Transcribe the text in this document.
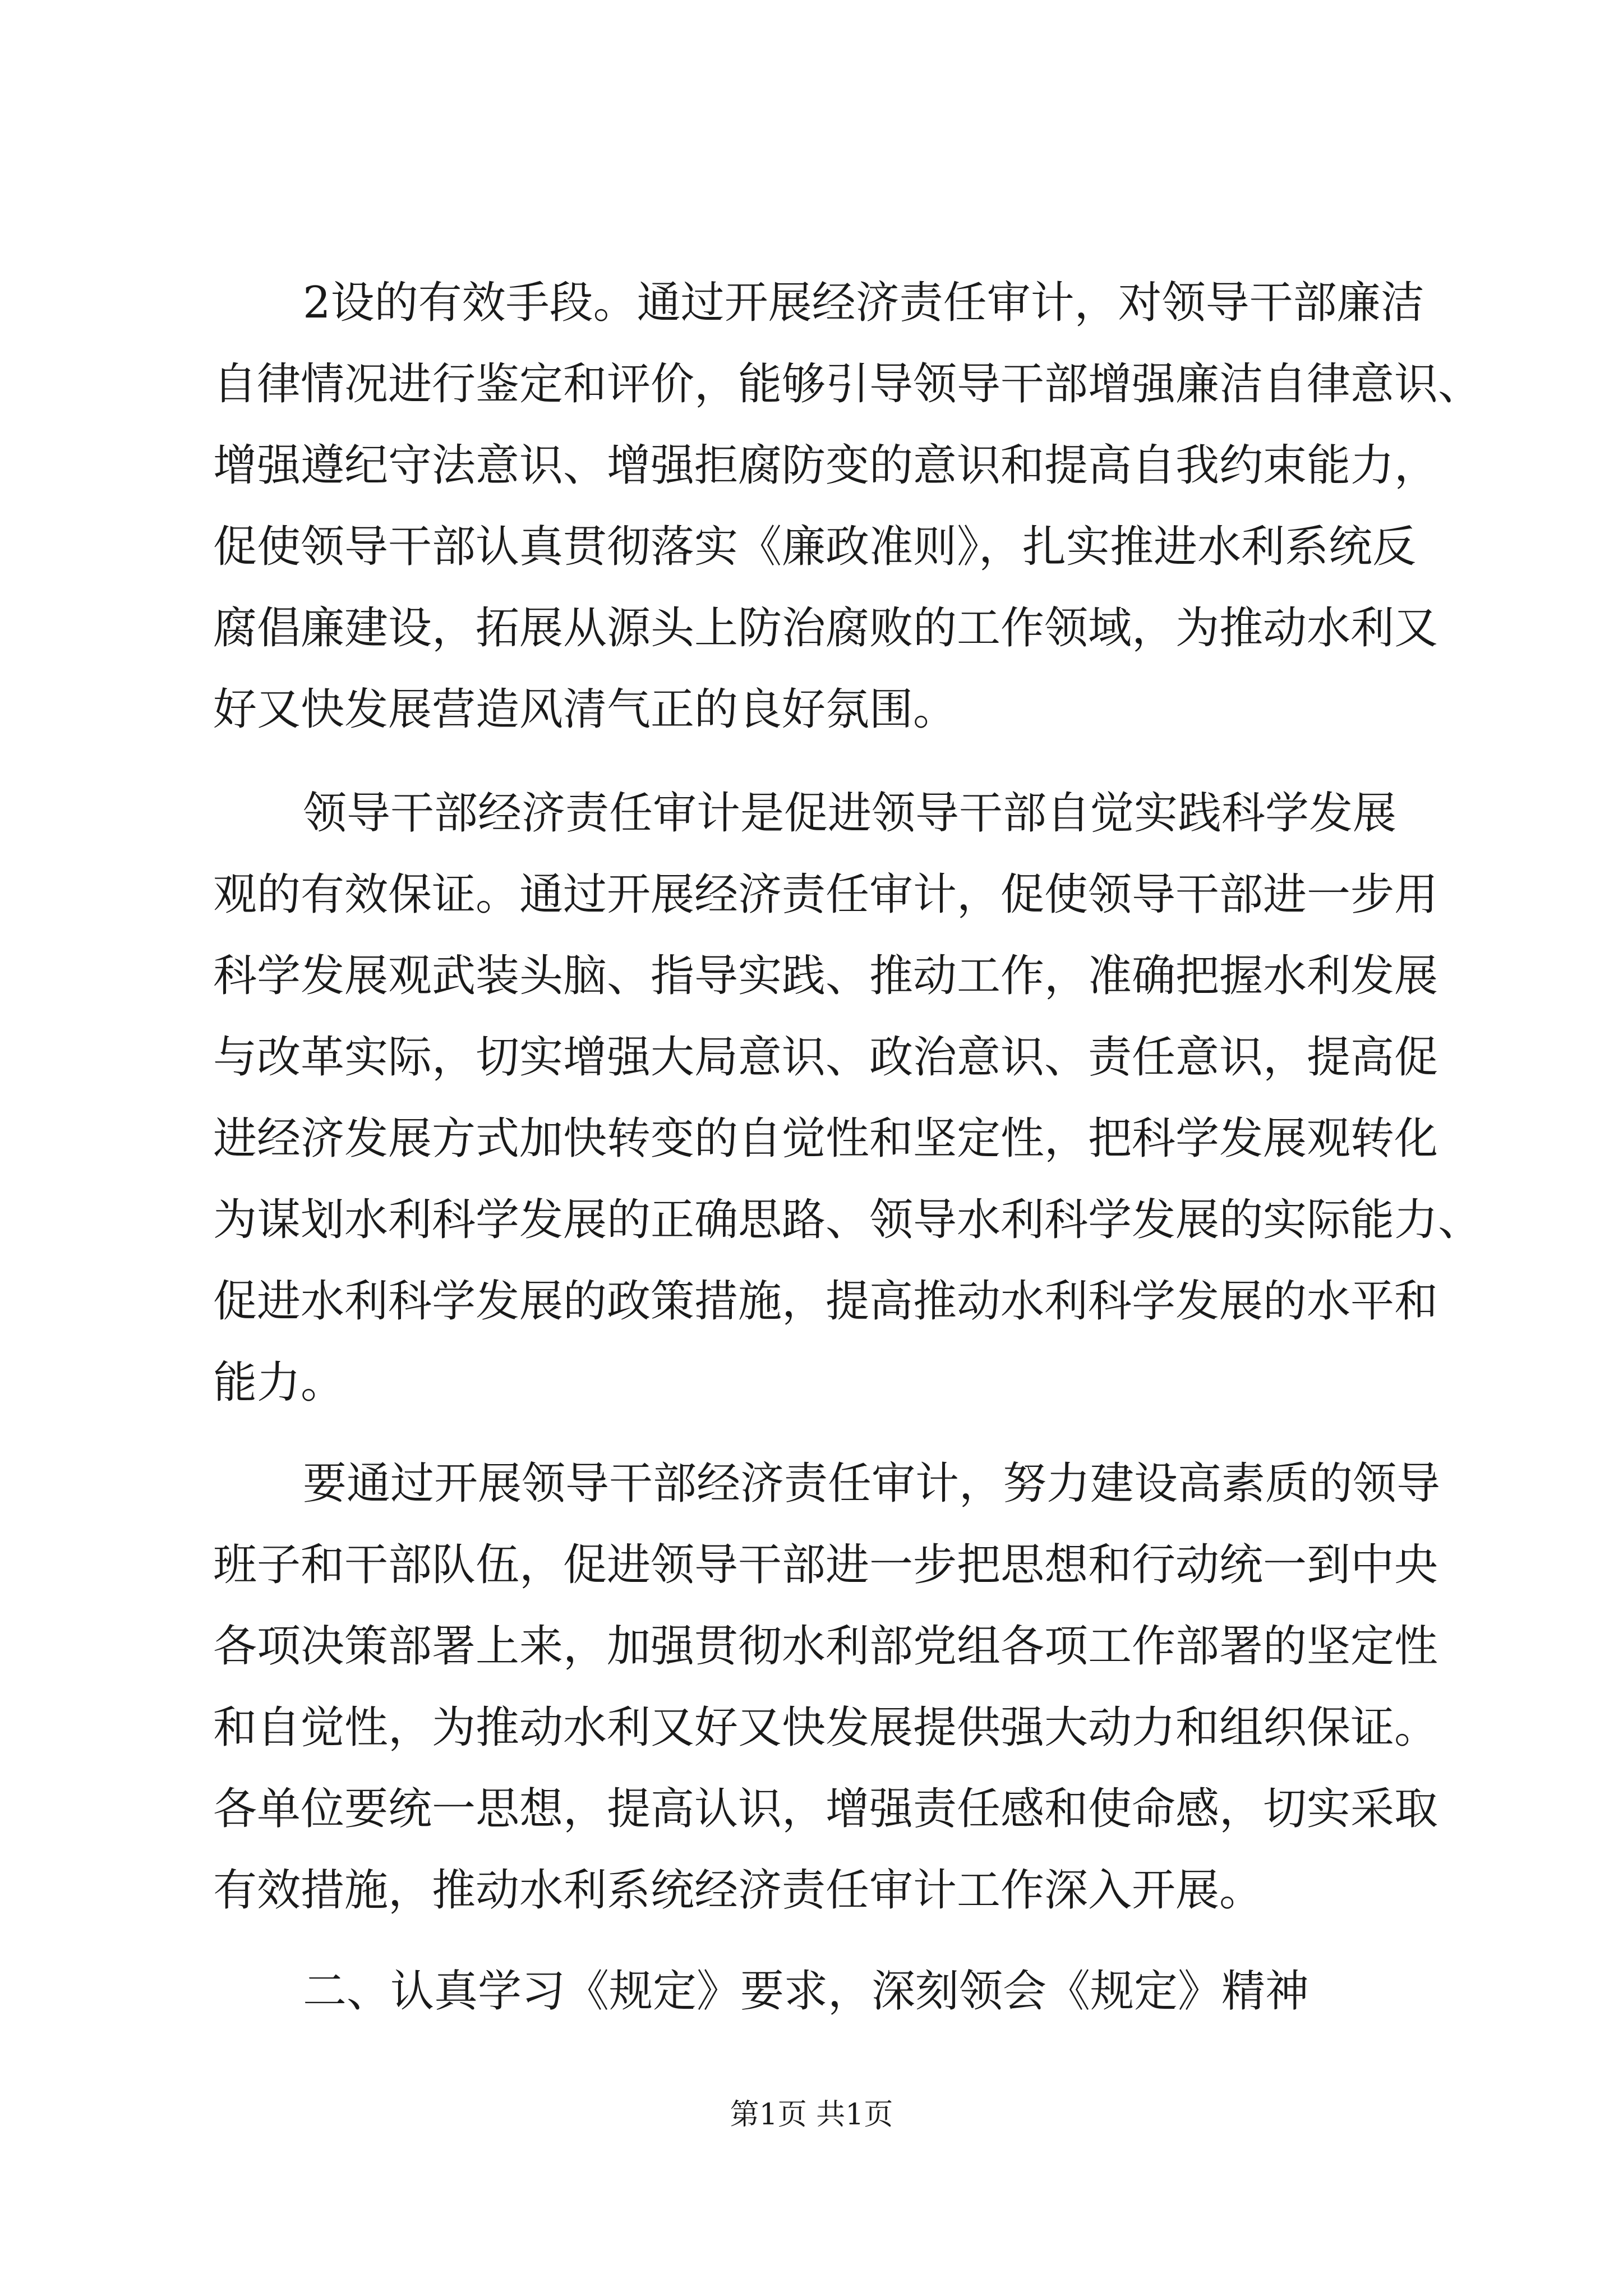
2设的有效手段。通过开展经济责任审计，对领导干部廉洁
自律情况进行鉴定和评价，能够引导领导干部增强廉洁自律意识、
增强遵纪守法意识、增强拒腐防变的意识和提高自我约束能力，
促使领导干部认真贯彻落实《廉政准则》，扎实推进水利系统反
腐倡廉建设，拓展从源头上防治腐败的工作领域，为推动水利又
好又快发展营造风清气正的良好氛围。
领导干部经济责任审计是促进领导干部自觉实践科学发展
观的有效保证。通过开展经济责任审计，促使领导干部进一步用
科学发展观武装头脑、指导实践、推动工作，准确把握水利发展
与改革实际，切实增强大局意识、政治意识、责任意识，提高促
进经济发展方式加快转变的自觉性和坚定性，把科学发展观转化
为谋划水利科学发展的正确思路、领导水利科学发展的实际能力、
促进水利科学发展的政策措施，提高推动水利科学发展的水平和
能力。
要通过开展领导干部经济责任审计，努力建设高素质的领导
班子和干部队伍，促进领导干部进一步把思想和行动统一到中央
各项决策部署上来，加强贯彻水利部党组各项工作部署的坚定性
和自觉性，为推动水利又好又快发展提供强大动力和组织保证。
各单位要统一思想，提高认识，增强责任感和使命感，切实采取
有效措施，推动水利系统经济责任审计工作深入开展。
二、认真学习《规定》要求，深刻领会《规定》精神
第1页 共1页
